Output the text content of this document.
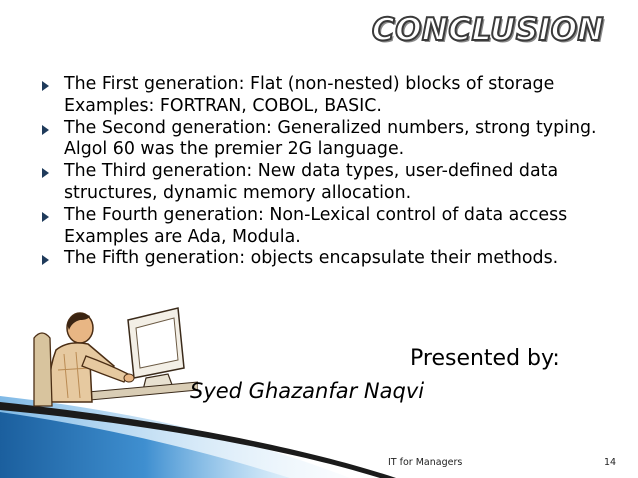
CONCLUSION
The First generation: Flat (non-nested) blocks of storage Examples: FORTRAN, COBOL, BASIC.
The Second generation: Generalized numbers, strong typing. Algol 60 was the premier 2G language.
The Third generation: New data types, user-defined data structures, dynamic memory allocation.
The Fourth generation: Non-Lexical control of data access Examples are Ada, Modula.
The Fifth generation: objects encapsulate their methods.
Presented by:
Syed Ghazanfar Naqvi
IT for Managers	14
